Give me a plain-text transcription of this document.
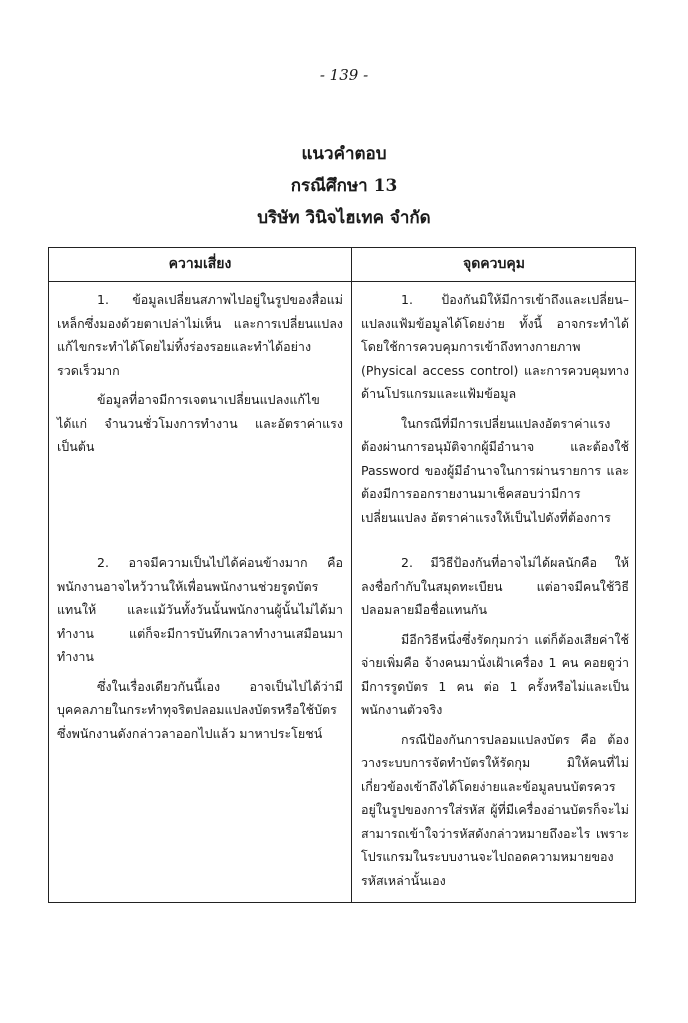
- 139 -
แนวคำตอบ
กรณีศึกษา 13
บริษัท วินิจไฮเทค จำกัด
ความเสี่ยง	จุดควบคุม

1. ข้อมูลเปลี่ยนสภาพไปอยู่ในรูปของสื่อแม่เหล็กซึ่งมองด้วยตาเปล่าไม่เห็น และการเปลี่ยนแปลงแก้ไขกระทำได้โดยไม่ทิ้งร่องรอยและทำได้อย่างรวดเร็วมาก

ข้อมูลที่อาจมีการเจตนาเปลี่ยนแปลงแก้ไข ได้แก่ จำนวนชั่วโมงการทำงาน และอัตราค่าแรงเป็นต้น

1. ป้องกันมิให้มีการเข้าถึงและเปลี่ยน–แปลงแฟ้มข้อมูลได้โดยง่าย ทั้งนี้ อาจกระทำได้โดยใช้การควบคุมการเข้าถึงทางกายภาพ (Physical access control) และการควบคุมทางด้านโปรแกรมและแฟ้มข้อมูล

ในกรณีที่มีการเปลี่ยนแปลงอัตราค่าแรงต้องผ่านการอนุมัติจากผู้มีอำนาจ และต้องใช้ Password ของผู้มีอำนาจในการผ่านรายการ และต้องมีการออกรายงานมาเช็คสอบว่ามีการเปลี่ยนแปลง อัตราค่าแรงให้เป็นไปดังที่ต้องการ

2. อาจมีความเป็นไปได้ค่อนข้างมาก คือ พนักงานอาจไหว้วานให้เพื่อนพนักงานช่วยรูดบัตรแทนให้ และแม้วันทั้งวันนั้นพนักงานผู้นั้นไม่ได้มาทำงาน แต่ก็จะมีการบันทึกเวลาทำงานเสมือนมาทำงาน

ซึ่งในเรื่องเดียวกันนี้เอง อาจเป็นไปได้ว่ามีบุคคลภายในกระทำทุจริตปลอมแปลงบัตรหรือใช้บัตรซึ่งพนักงานดังกล่าวลาออกไปแล้ว มาหาประโยชน์

2. มีวิธีป้องกันที่อาจไม่ได้ผลนักคือ ให้ลงชื่อกำกับในสมุดทะเบียน แต่อาจมีคนใช้วิธีปลอมลายมือชื่อแทนกัน

มีอีกวิธีหนึ่งซึ่งรัดกุมกว่า แต่ก็ต้องเสียค่าใช้จ่ายเพิ่มคือ จ้างคนมานั่งเฝ้าเครื่อง 1 คน คอยดูว่ามีการรูดบัตร 1 คน ต่อ 1 ครั้งหรือไม่และเป็นพนักงานตัวจริง

กรณีป้องกันการปลอมแปลงบัตร คือ ต้องวางระบบการจัดทำบัตรให้รัดกุม มิให้คนที่ไม่เกี่ยวข้องเข้าถึงได้โดยง่ายและข้อมูลบนบัตรควรอยู่ในรูปของการใส่รหัส ผู้ที่มีเครื่องอ่านบัตรก็จะไม่สามารถเข้าใจว่ารหัสดังกล่าวหมายถึงอะไร เพราะโปรแกรมในระบบงานจะไปถอดความหมายของรหัสเหล่านั้นเอง
